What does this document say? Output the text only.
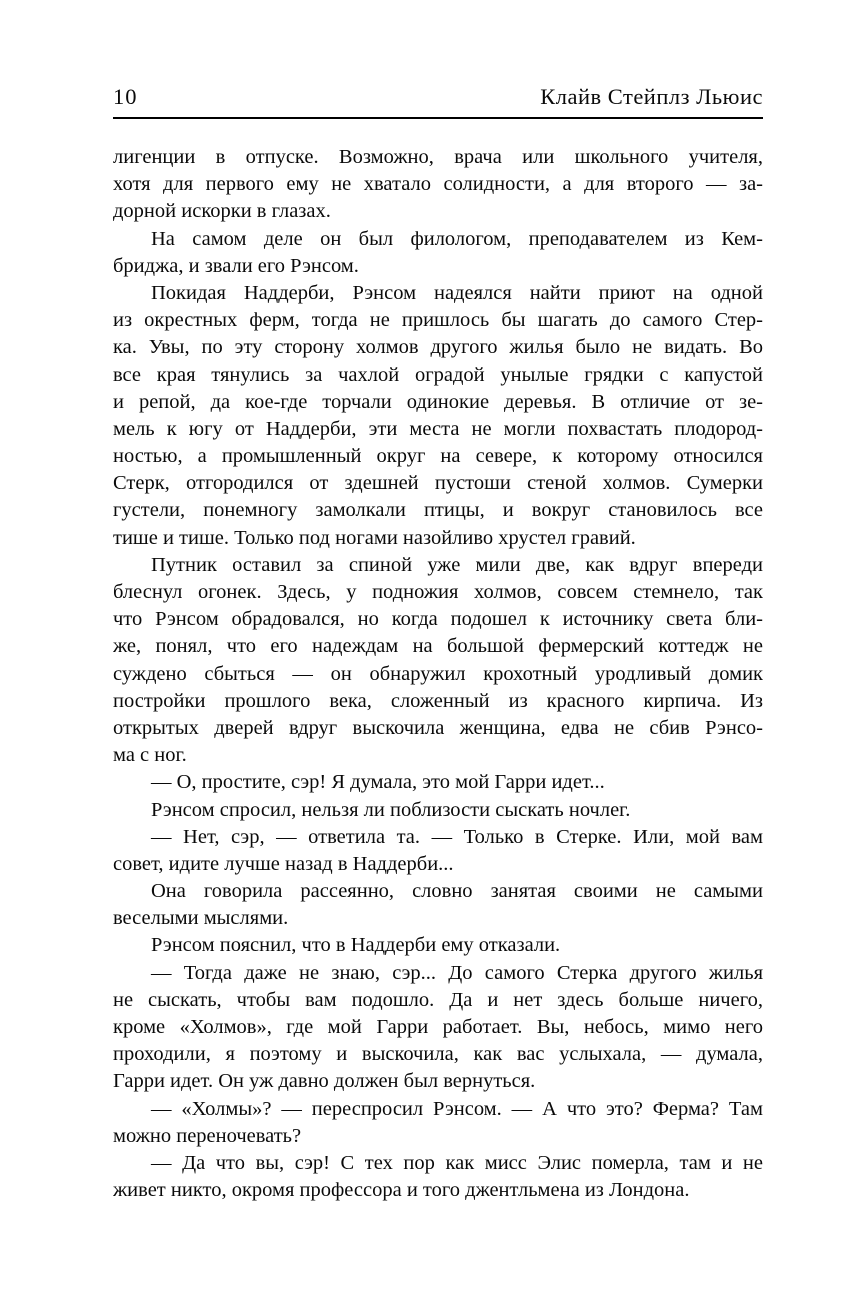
10	Клайв Стейплз Льюис
лигенции в отпуске. Возможно, врача или школьного учителя,
хотя для первого ему не хватало солидности, а для второго — за-
дорной искорки в глазах.
На самом деле он был филологом, преподавателем из Кем-
бриджа, и звали его Рэнсом.
Покидая Наддерби, Рэнсом надеялся найти приют на одной
из окрестных ферм, тогда не пришлось бы шагать до самого Стер-
ка. Увы, по эту сторону холмов другого жилья было не видать. Во
все края тянулись за чахлой оградой унылые грядки с капустой
и репой, да кое-где торчали одинокие деревья. В отличие от зе-
мель к югу от Наддерби, эти места не могли похвастать плодород-
ностью, а промышленный округ на севере, к которому относился
Стерк, отгородился от здешней пустоши стеной холмов. Сумерки
густели, понемногу замолкали птицы, и вокруг становилось все
тише и тише. Только под ногами назойливо хрустел гравий.
Путник оставил за спиной уже мили две, как вдруг впереди
блеснул огонек. Здесь, у подножия холмов, совсем стемнело, так
что Рэнсом обрадовался, но когда подошел к источнику света бли-
же, понял, что его надеждам на большой фермерский коттедж не
суждено сбыться — он обнаружил крохотный уродливый домик
постройки прошлого века, сложенный из красного кирпича. Из
открытых дверей вдруг выскочила женщина, едва не сбив Рэнсо-
ма с ног.
— О, простите, сэр! Я думала, это мой Гарри идет...
Рэнсом спросил, нельзя ли поблизости сыскать ночлег.
— Нет, сэр, — ответила та. — Только в Стерке. Или, мой вам
совет, идите лучше назад в Наддерби...
Она говорила рассеянно, словно занятая своими не самыми
веселыми мыслями.
Рэнсом пояснил, что в Наддерби ему отказали.
— Тогда даже не знаю, сэр... До самого Стерка другого жилья
не сыскать, чтобы вам подошло. Да и нет здесь больше ничего,
кроме «Холмов», где мой Гарри работает. Вы, небось, мимо него
проходили, я поэтому и выскочила, как вас услыхала, — думала,
Гарри идет. Он уж давно должен был вернуться.
— «Холмы»? — переспросил Рэнсом. — А что это? Ферма? Там
можно переночевать?
— Да что вы, сэр! С тех пор как мисс Элис померла, там и не
живет никто, окромя профессора и того джентльмена из Лондона.
